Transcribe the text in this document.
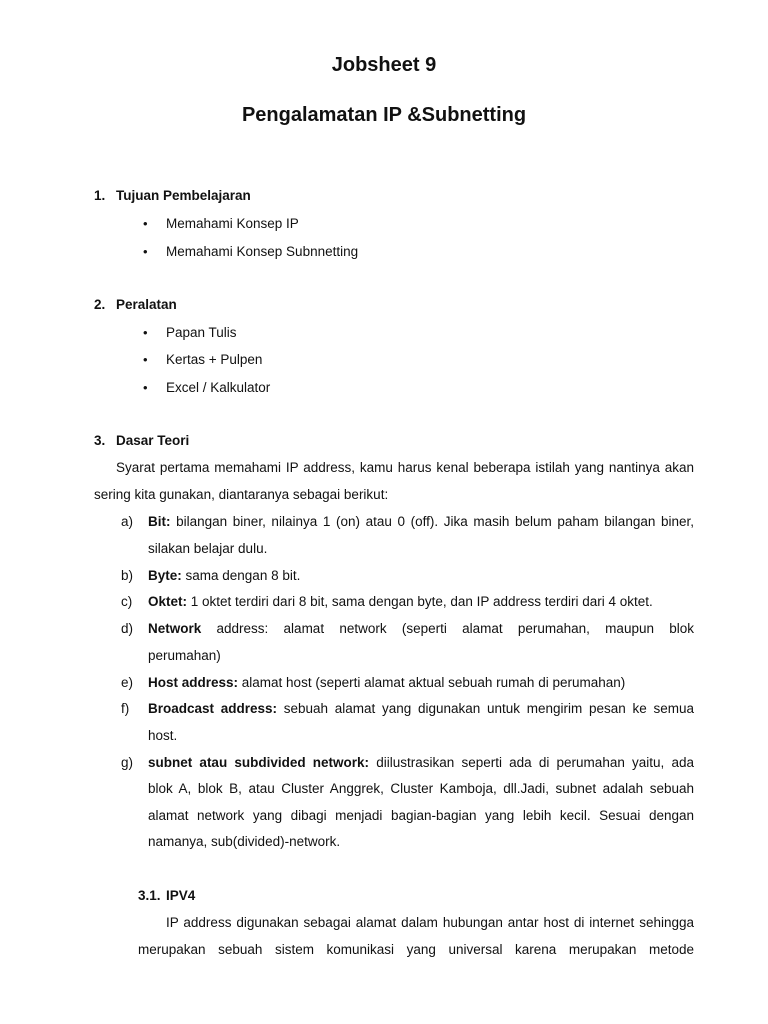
Jobsheet 9
Pengalamatan IP &Subnetting

1. Tujuan Pembelajaran

• Memahami Konsep IP

• Memahami Konsep Subnnetting

2. Peralatan

• Papan Tulis

• Kertas + Pulpen

• Excel / Kalkulator

3. Dasar Teori

Syarat pertama memahami IP address, kamu harus kenal beberapa istilah yang nantinya akan

sering kita gunakan, diantaranya sebagai berikut:

a) Bit: bilangan biner, nilainya 1 (on) atau 0 (off). Jika masih belum paham bilangan biner,

silakan belajar dulu.

b) Byte: sama dengan 8 bit.

c) Oktet: 1 oktet terdiri dari 8 bit, sama dengan byte, dan IP address terdiri dari 4 oktet.

d) Network address: alamat network (seperti alamat perumahan, maupun blok

perumahan)

e) Host address: alamat host (seperti alamat aktual sebuah rumah di perumahan)

f) Broadcast address: sebuah alamat yang digunakan untuk mengirim pesan ke semua

host.

g) subnet atau subdivided network: diilustrasikan seperti ada di perumahan yaitu, ada

blok A, blok B, atau Cluster Anggrek, Cluster Kamboja, dll.Jadi, subnet adalah sebuah

alamat network yang dibagi menjadi bagian-bagian yang lebih kecil. Sesuai dengan

namanya, sub(divided)-network.

3.1. IPV4

IP address digunakan sebagai alamat dalam hubungan antar host di internet sehingga

merupakan sebuah sistem komunikasi yang universal karena merupakan metode
